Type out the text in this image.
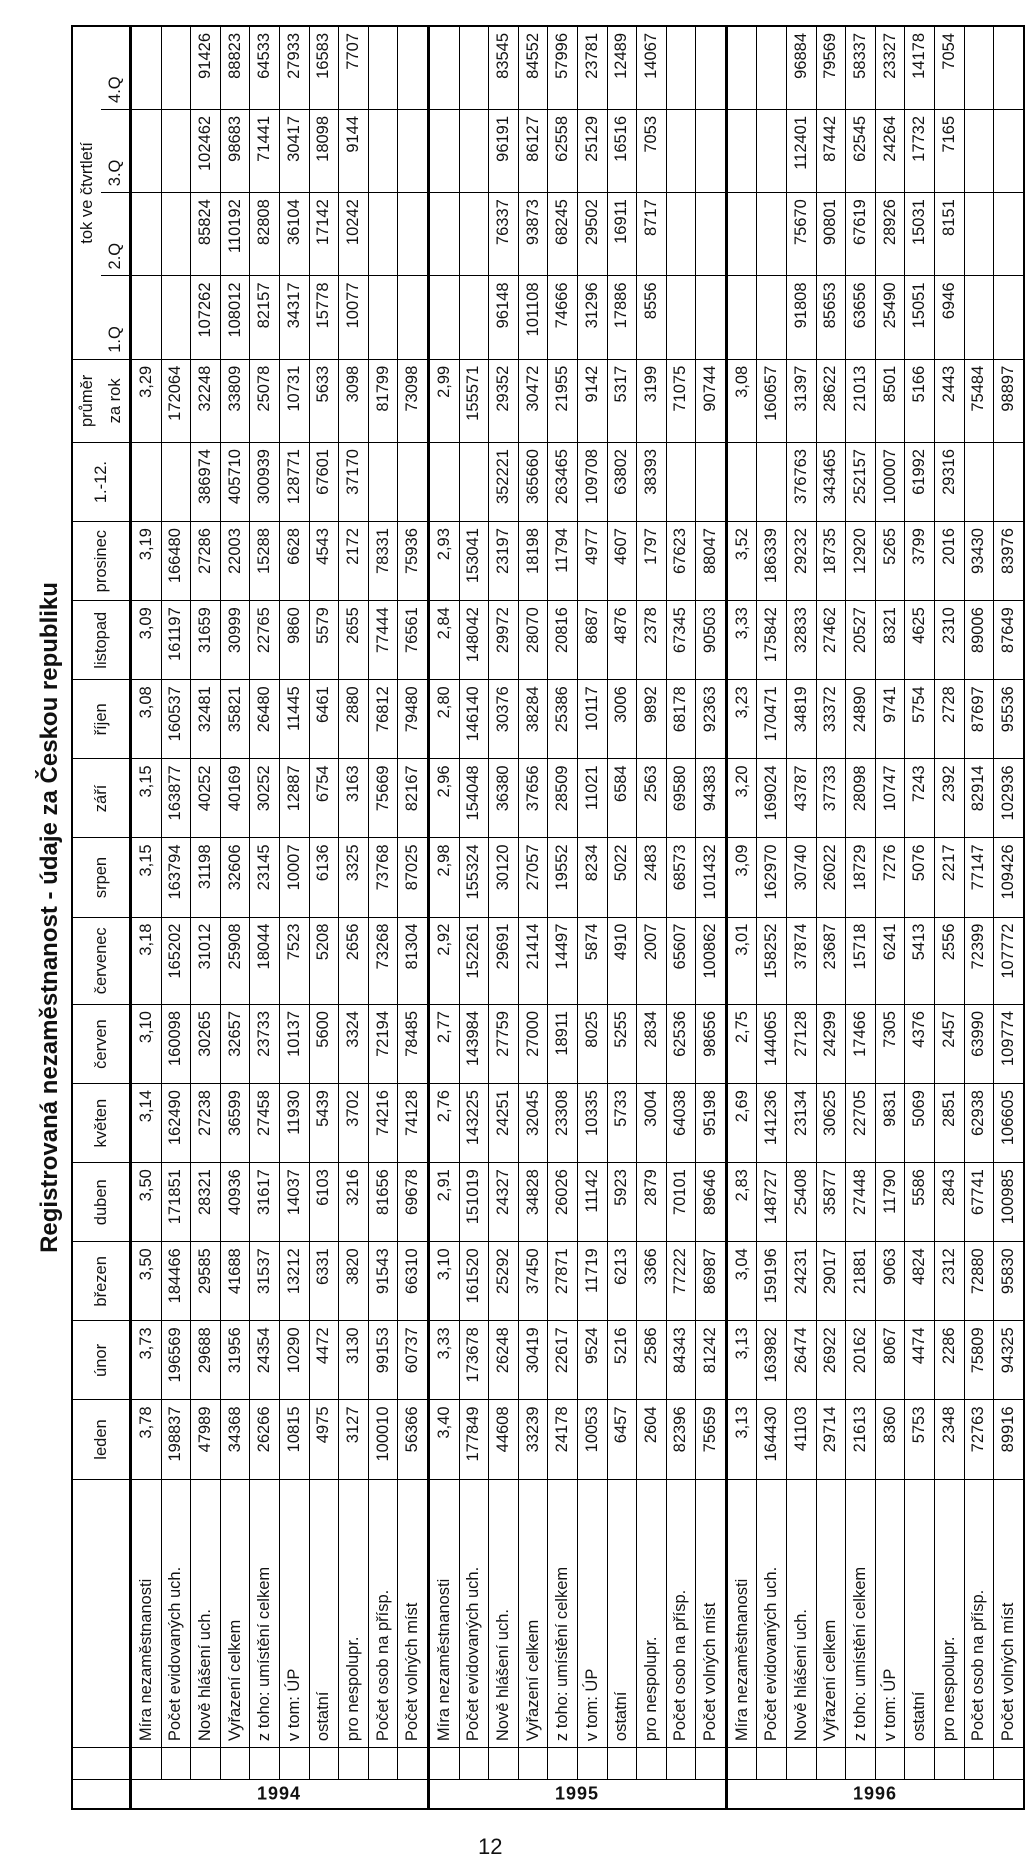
12
Registrovaná nezaměstnanost - údaje za Českou republiku
			leden	únor	březen	duben	květen	červen	červenec	srpen	září	říjen	listopad	prosinec	1.-12.	průměr	tok ve čtvrtletí			
																za rok	1.Q	2.Q	3.Q	4.Q

1994		Míra nezaměstnanosti	3,78	3,73	3,50	3,50	3,14	3,10	3,18	3,15	3,15	3,08	3,09	3,19		3,29				
		Počet evidovaných uch.	198837	196569	184466	171851	162490	160098	165202	163794	163877	160537	161197	166480		172064				
		Nově hlášení uch.	47989	29688	29585	28321	27238	30265	31012	31198	40252	32481	31659	27286	386974	32248	107262	85824	102462	91426
		Vyřazení celkem	34368	31956	41688	40936	36599	32657	25908	32606	40169	35821	30999	22003	405710	33809	108012	110192	98683	88823
		z toho: umístění celkem	26266	24354	31537	31617	27458	23733	18044	23145	30252	26480	22765	15288	300939	25078	82157	82808	71441	64533
		v tom: ÚP	10815	10290	13212	14037	11930	10137	7523	10007	12887	11445	9860	6628	128771	10731	34317	36104	30417	27933
		ostatní	4975	4472	6331	6103	5439	5600	5208	6136	6754	6461	5579	4543	67601	5633	15778	17142	18098	16583
		pro nespolupr.	3127	3130	3820	3216	3702	3324	2656	3325	3163	2880	2655	2172	37170	3098	10077	10242	9144	7707
		Počet osob na přísp.	100010	99153	91543	81656	74216	72194	73268	73768	75669	76812	77444	78331		81799				
		Počet volných míst	56366	60737	66310	69678	74128	78485	81304	87025	82167	79480	76561	75936		73098				

1995		Míra nezaměstnanosti	3,40	3,33	3,10	2,91	2,76	2,77	2,92	2,98	2,96	2,80	2,84	2,93		2,99				
		Počet evidovaných uch.	177849	173678	161520	151019	143225	143984	152261	155324	154048	146140	148042	153041		155571				
		Nově hlášení uch.	44608	26248	25292	24327	24251	27759	29691	30120	36380	30376	29972	23197	352221	29352	96148	76337	96191	83545
		Vyřazení celkem	33239	30419	37450	34828	32045	27000	21414	27057	37656	38284	28070	18198	365660	30472	101108	93873	86127	84552
		z toho: umístění celkem	24178	22617	27871	26026	23308	18911	14497	19552	28509	25386	20816	11794	263465	21955	74666	68245	62558	57996
		v tom: ÚP	10053	9524	11719	11142	10335	8025	5874	8234	11021	10117	8687	4977	109708	9142	31296	29502	25129	23781
		ostatní	6457	5216	6213	5923	5733	5255	4910	5022	6584	3006	4876	4607	63802	5317	17886	16911	16516	12489
		pro nespolupr.	2604	2586	3366	2879	3004	2834	2007	2483	2563	9892	2378	1797	38393	3199	8556	8717	7053	14067
		Počet osob na přísp.	82396	84343	77222	70101	64038	62536	65607	68573	69580	68178	67345	67623		71075				
		Počet volných míst	75659	81242	86987	89646	95198	98656	100862	101432	94383	92363	90503	88047		90744				

1996		Míra nezaměstnanosti	3,13	3,13	3,04	2,83	2,69	2,75	3,01	3,09	3,20	3,23	3,33	3,52		3,08				
		Počet evidovaných uch.	164430	163982	159196	148727	141236	144065	158252	162970	169024	170471	175842	186339		160657				
		Nově hlášení uch.	41103	26474	24231	25408	23134	27128	37874	30740	43787	34819	32833	29232	376763	31397	91808	75670	112401	96884
		Vyřazení celkem	29714	26922	29017	35877	30625	24299	23687	26022	37733	33372	27462	18735	343465	28622	85653	90801	87442	79569
		z toho: umístění celkem	21613	20162	21881	27448	22705	17466	15718	18729	28098	24890	20527	12920	252157	21013	63656	67619	62545	58337
		v tom: ÚP	8360	8067	9063	11790	9831	7305	6241	7276	10747	9741	8321	5265	100007	8501	25490	28926	24264	23327
		ostatní	5753	4474	4824	5586	5069	4376	5413	5076	7243	5754	4625	3799	61992	5166	15051	15031	17732	14178
		pro nespolupr.	2348	2286	2312	2843	2851	2457	2556	2217	2392	2728	2310	2016	29316	2443	6946	8151	7165	7054
		Počet osob na přísp.	72763	75809	72880	67741	62938	63990	72399	77147	82914	87697	89006	93430		75484				
		Počet volných míst	89916	94325	95830	100985	106605	109774	107772	109426	102936	95536	87649	83976		98897				
